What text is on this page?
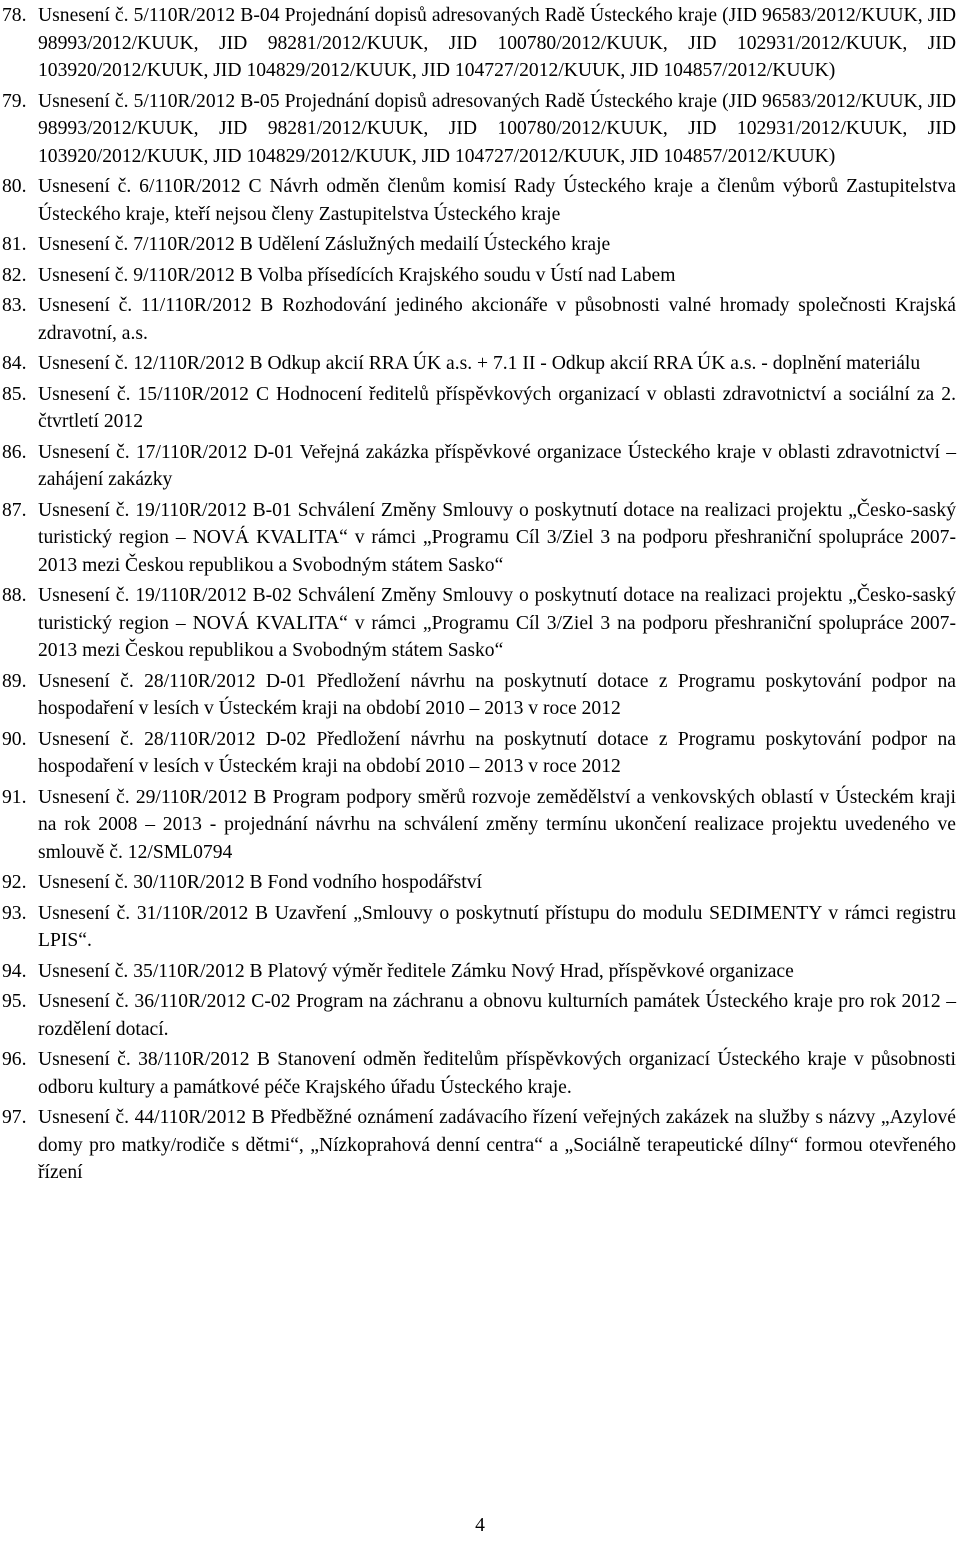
78. Usnesení č. 5/110R/2012 B-04 Projednání dopisů adresovaných Radě Ústeckého kraje (JID 96583/2012/KUUK, JID 98993/2012/KUUK, JID 98281/2012/KUUK, JID 100780/2012/KUUK, JID 102931/2012/KUUK, JID 103920/2012/KUUK, JID 104829/2012/KUUK, JID 104727/2012/KUUK, JID 104857/2012/KUUK)
79. Usnesení č. 5/110R/2012 B-05 Projednání dopisů adresovaných Radě Ústeckého kraje (JID 96583/2012/KUUK, JID 98993/2012/KUUK, JID 98281/2012/KUUK, JID 100780/2012/KUUK, JID 102931/2012/KUUK, JID 103920/2012/KUUK, JID 104829/2012/KUUK, JID 104727/2012/KUUK, JID 104857/2012/KUUK)
80. Usnesení č. 6/110R/2012 C Návrh odměn členům komisí Rady Ústeckého kraje a členům výborů Zastupitelstva Ústeckého kraje, kteří nejsou členy Zastupitelstva Ústeckého kraje
81. Usnesení č. 7/110R/2012 B Udělení Záslužných medailí Ústeckého kraje
82. Usnesení č. 9/110R/2012 B Volba přísedících Krajského soudu v Ústí nad Labem
83. Usnesení č. 11/110R/2012 B Rozhodování jediného akcionáře v působnosti valné hromady společnosti Krajská zdravotní, a.s.
84. Usnesení č. 12/110R/2012 B Odkup akcií RRA ÚK a.s. + 7.1 II - Odkup akcií RRA ÚK a.s. - doplnění materiálu
85. Usnesení č. 15/110R/2012 C Hodnocení ředitelů příspěvkových organizací v oblasti zdravotnictví a sociální za 2. čtvrtletí 2012
86. Usnesení č. 17/110R/2012 D-01 Veřejná zakázka příspěvkové organizace Ústeckého kraje v oblasti zdravotnictví – zahájení zakázky
87. Usnesení č. 19/110R/2012 B-01 Schválení Změny Smlouvy o poskytnutí dotace na realizaci projektu „Česko-saský turistický region – NOVÁ KVALITA“ v rámci „Programu Cíl 3/Ziel 3 na podporu přeshraniční spolupráce 2007-2013 mezi Českou republikou a Svobodným státem Sasko“
88. Usnesení č. 19/110R/2012 B-02 Schválení Změny Smlouvy o poskytnutí dotace na realizaci projektu „Česko-saský turistický region – NOVÁ KVALITA“ v rámci „Programu Cíl 3/Ziel 3 na podporu přeshraniční spolupráce 2007-2013 mezi Českou republikou a Svobodným státem Sasko“
89. Usnesení č. 28/110R/2012 D-01 Předložení návrhu na poskytnutí dotace z Programu poskytování podpor na hospodaření v lesích v Ústeckém kraji na období 2010 – 2013 v roce 2012
90. Usnesení č. 28/110R/2012 D-02 Předložení návrhu na poskytnutí dotace z Programu poskytování podpor na hospodaření v lesích v Ústeckém kraji na období 2010 – 2013 v roce 2012
91. Usnesení č. 29/110R/2012 B Program podpory směrů rozvoje zemědělství a venkovských oblastí v Ústeckém kraji na rok 2008 – 2013 - projednání návrhu na schválení změny termínu ukončení realizace projektu uvedeného ve smlouvě č. 12/SML0794
92. Usnesení č. 30/110R/2012 B Fond vodního hospodářství
93. Usnesení č. 31/110R/2012 B Uzavření „Smlouvy o poskytnutí přístupu do modulu SEDIMENTY v rámci registru LPIS“.
94. Usnesení č. 35/110R/2012 B Platový výměr ředitele Zámku Nový Hrad, příspěvkové organizace
95. Usnesení č. 36/110R/2012 C-02 Program na záchranu a obnovu kulturních památek Ústeckého kraje pro rok 2012 – rozdělení dotací.
96. Usnesení č. 38/110R/2012 B Stanovení odměn ředitelům příspěvkových organizací Ústeckého kraje v působnosti odboru kultury a památkové péče Krajského úřadu Ústeckého kraje.
97. Usnesení č. 44/110R/2012 B Předběžné oznámení zadávacího řízení veřejných zakázek na služby s názvy „Azylové domy pro matky/rodiče s dětmi“, „Nízkoprahová denní centra“ a „Sociálně terapeutické dílny“ formou otevřeného řízení
4
